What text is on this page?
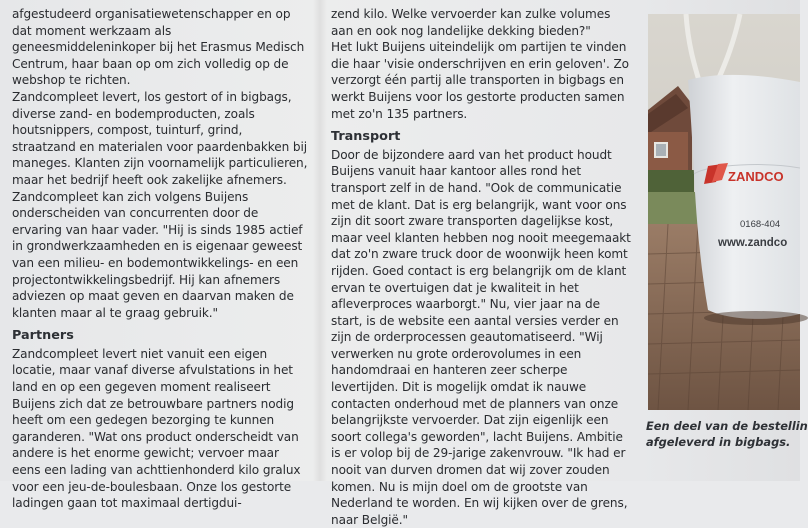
afgestudeerd organisatiewetenschapper en op dat moment werkzaam als geneesmiddeleninkoper bij het Erasmus Medisch Centrum, haar baan op om zich volledig op de webshop te richten.

Zandcompleet levert, los gestort of in bigbags, diverse zand- en bodemproducten, zoals houtsnippers, compost, tuinturf, grind, straatzand en materialen voor paardenbakken bij maneges. Klanten zijn voornamelijk particulieren, maar het bedrijf heeft ook zakelijke afnemers. Zandcompleet kan zich volgens Buijens onderscheiden van concurrenten door de ervaring van haar vader. "Hij is sinds 1985 actief in grondwerkzaamheden en is eigenaar geweest van een milieu- en bodemontwikkelings- en een projectontwikkelingsbedrijf. Hij kan afnemers adviezen op maat geven en daarvan maken de klanten maar al te graag gebruik."

Partners

Zandcompleet levert niet vanuit een eigen locatie, maar vanaf diverse afvulstations in het land en op een gegeven moment realiseert Buijens zich dat ze betrouwbare partners nodig heeft om een gedegen bezorging te kunnen garanderen. "Wat ons product onderscheidt van andere is het enorme gewicht; vervoer maar eens een lading van achttienhonderd kilo gralux voor een jeu-de-boulesbaan. Onze los gestorte ladingen gaan tot maximaal dertigdui-

zend kilo. Welke vervoerder kan zulke volumes aan en ook nog landelijke dekking bieden?"

Het lukt Buijens uiteindelijk om partijen te vinden die haar 'visie onderschrijven en erin geloven'. Zo verzorgt één partij alle transporten in bigbags en werkt Buijens voor los gestorte producten samen met zo'n 135 partners.

Transport

Door de bijzondere aard van het product houdt Buijens vanuit haar kantoor alles rond het transport zelf in de hand. "Ook de communicatie met de klant. Dat is erg belangrijk, want voor ons zijn dit soort zware transporten dagelijkse kost, maar veel klanten hebben nog nooit meegemaakt dat zo'n zware truck door de woonwijk heen komt rijden. Goed contact is erg belangrijk om de klant ervan te overtuigen dat je kwaliteit in het afleverproces waarborgt." Nu, vier jaar na de start, is de website een aantal versies verder en zijn de orderprocessen geautomatiseerd. "Wij verwerken nu grote orderovolumes in een handomdraai en hanteren zeer scherpe levertijden. Dit is mogelijk omdat ik nauwe contacten onderhoud met de planners van onze belangrijkste vervoerder. Dat zijn eigenlijk een soort collega's geworden", lacht Buijens. Ambitie is er volop bij de 29-jarige zakenvrouw. "Ik had er nooit van durven dromen dat wij zover zouden komen. Nu is mijn doel om de grootste van Nederland te worden. En wij kijken over de grens, naar België."

ZANDCO
0168-404
www.zandco
Een deel van de bestellin
afgeleverd in bigbags.
